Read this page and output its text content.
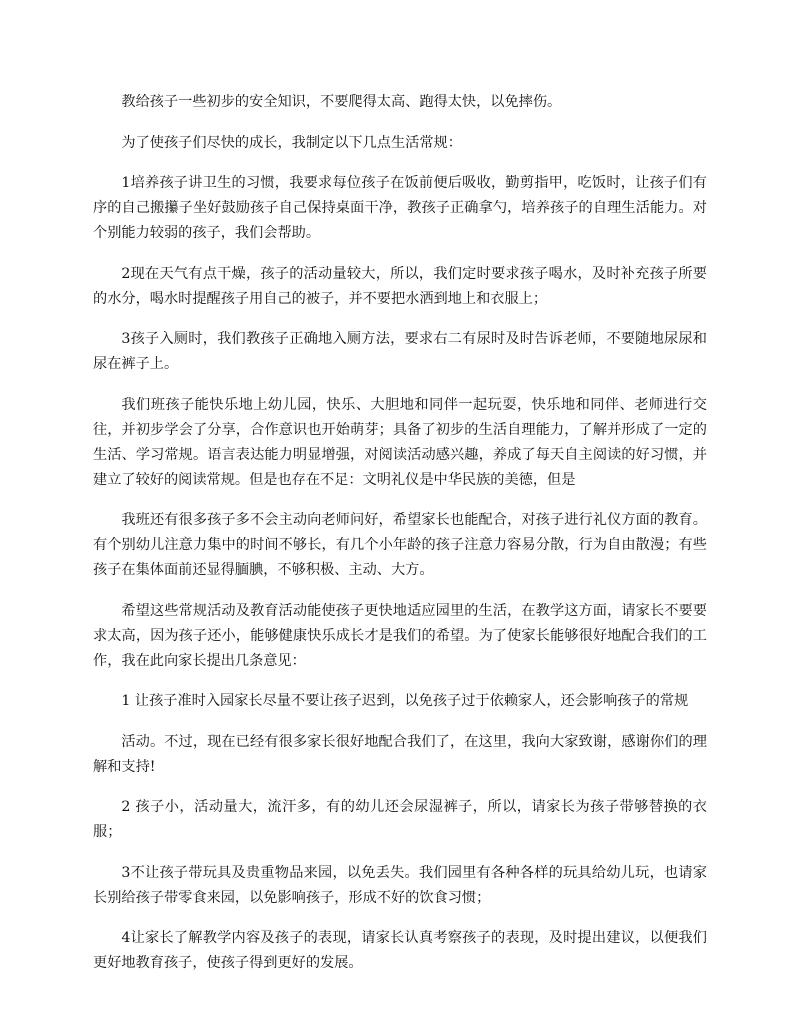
教给孩子一些初步的安全知识，不要爬得太高、跑得太快，以免摔伤。

为了使孩子们尽快的成长，我制定以下几点生活常规：

1培养孩子讲卫生的习惯，我要求每位孩子在饭前便后吸收，勤剪指甲，吃饭时，让孩子们有序的自己搬攥子坐好鼓励孩子自己保持桌面干净，教孩子正确拿勺，培养孩子的自理生活能力。对个别能力较弱的孩子，我们会帮助。

2现在天气有点干燥，孩子的活动量较大，所以，我们定时要求孩子喝水，及时补充孩子所要的水分，喝水时提醒孩子用自己的被子，并不要把水洒到地上和衣服上；

3孩子入厕时，我们教孩子正确地入厕方法，要求右二有尿时及时告诉老师，不要随地尿尿和尿在裤子上。

我们班孩子能快乐地上幼儿园，快乐、大胆地和同伴一起玩耍，快乐地和同伴、老师进行交往，并初步学会了分享，合作意识也开始萌芽；具备了初步的生活自理能力，了解并形成了一定的生活、学习常规。语言表达能力明显增强，对阅读活动感兴趣，养成了每天自主阅读的好习惯，并建立了较好的阅读常规。但是也存在不足：文明礼仪是中华民族的美德，但是

我班还有很多孩子多不会主动向老师问好，希望家长也能配合，对孩子进行礼仪方面的教育。有个别幼儿注意力集中的时间不够长，有几个小年龄的孩子注意力容易分散，行为自由散漫；有些孩子在集体面前还显得腼腆，不够积极、主动、大方。

希望这些常规活动及教育活动能使孩子更快地适应园里的生活，在教学这方面，请家长不要要求太高，因为孩子还小，能够健康快乐成长才是我们的希望。为了使家长能够很好地配合我们的工作，我在此向家长提出几条意见：

1 让孩子准时入园家长尽量不要让孩子迟到，以免孩子过于依赖家人，还会影响孩子的常规

活动。不过，现在已经有很多家长很好地配合我们了，在这里，我向大家致谢，感谢你们的理解和支持!

2 孩子小，活动量大，流汗多，有的幼儿还会尿湿裤子，所以，请家长为孩子带够替换的衣服；

3不让孩子带玩具及贵重物品来园，以免丢失。我们园里有各种各样的玩具给幼儿玩，也请家长别给孩子带零食来园，以免影响孩子，形成不好的饮食习惯；

4让家长了解教学内容及孩子的表现，请家长认真考察孩子的表现，及时提出建议，以便我们更好地教育孩子，使孩子得到更好的发展。
